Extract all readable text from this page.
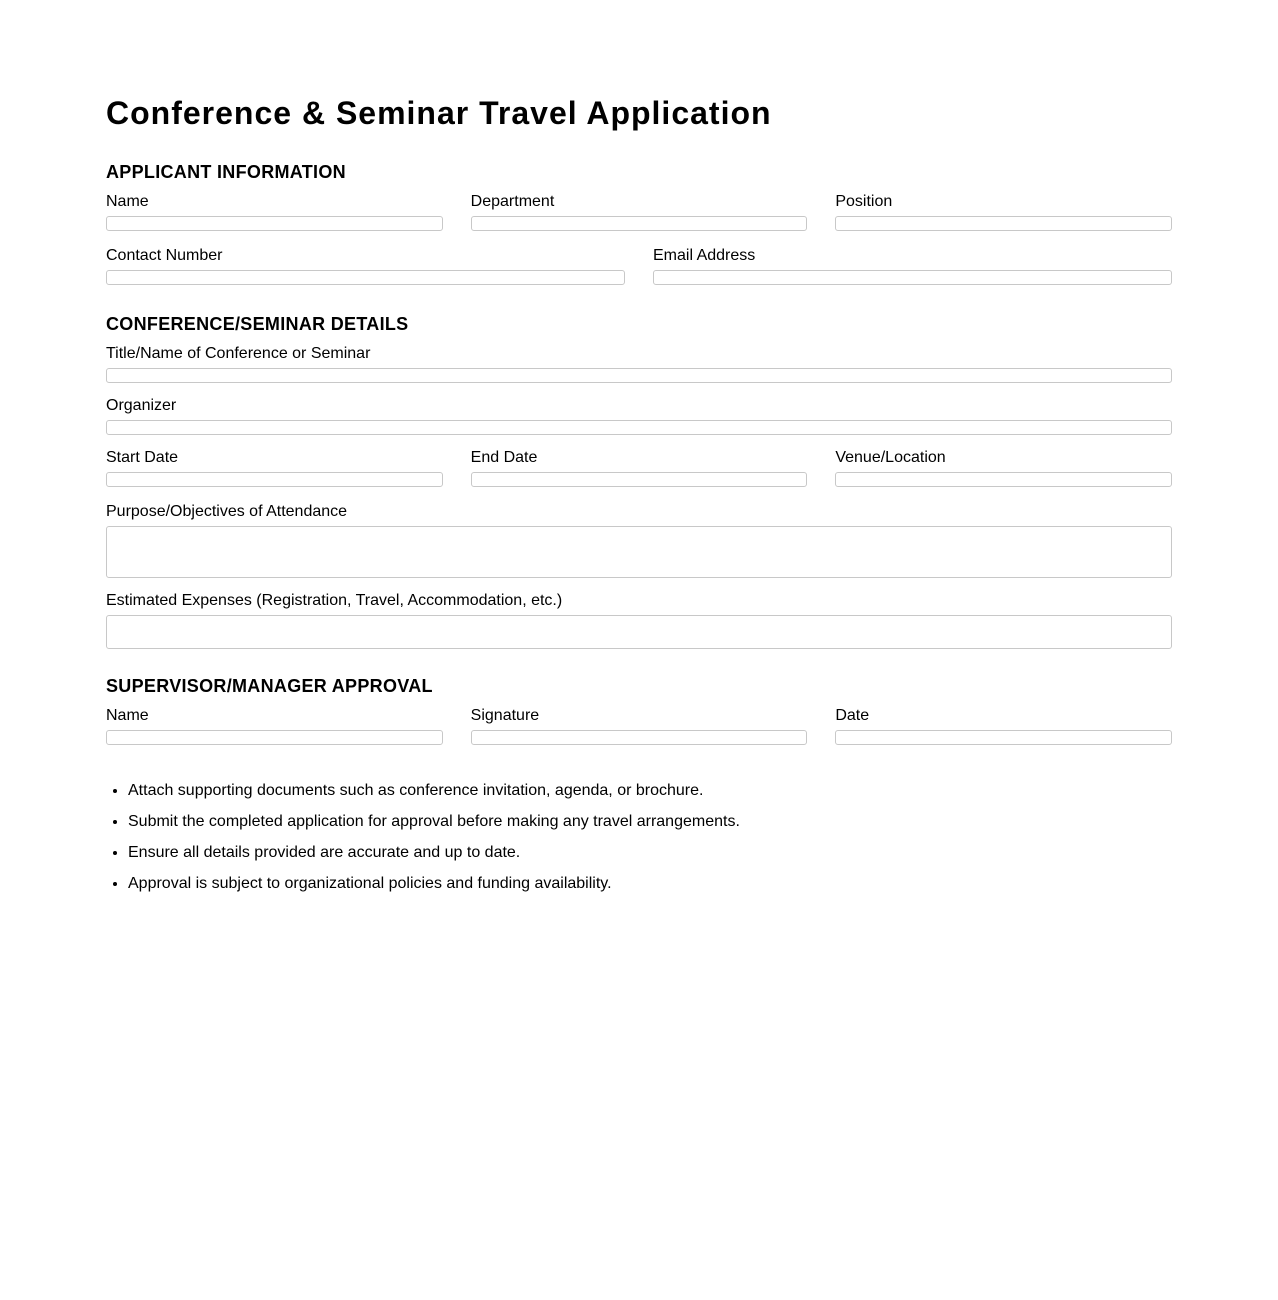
Conference & Seminar Travel Application
APPLICANT INFORMATION
Name	Department	Position
Contact Number	Email Address
CONFERENCE/SEMINAR DETAILS
Title/Name of Conference or Seminar
Organizer
Start Date	End Date	Venue/Location
Purpose/Objectives of Attendance
Estimated Expenses (Registration, Travel, Accommodation, etc.)
SUPERVISOR/MANAGER APPROVAL
Name	Signature	Date
• Attach supporting documents such as conference invitation, agenda, or brochure.
• Submit the completed application for approval before making any travel arrangements.
• Ensure all details provided are accurate and up to date.
• Approval is subject to organizational policies and funding availability.
